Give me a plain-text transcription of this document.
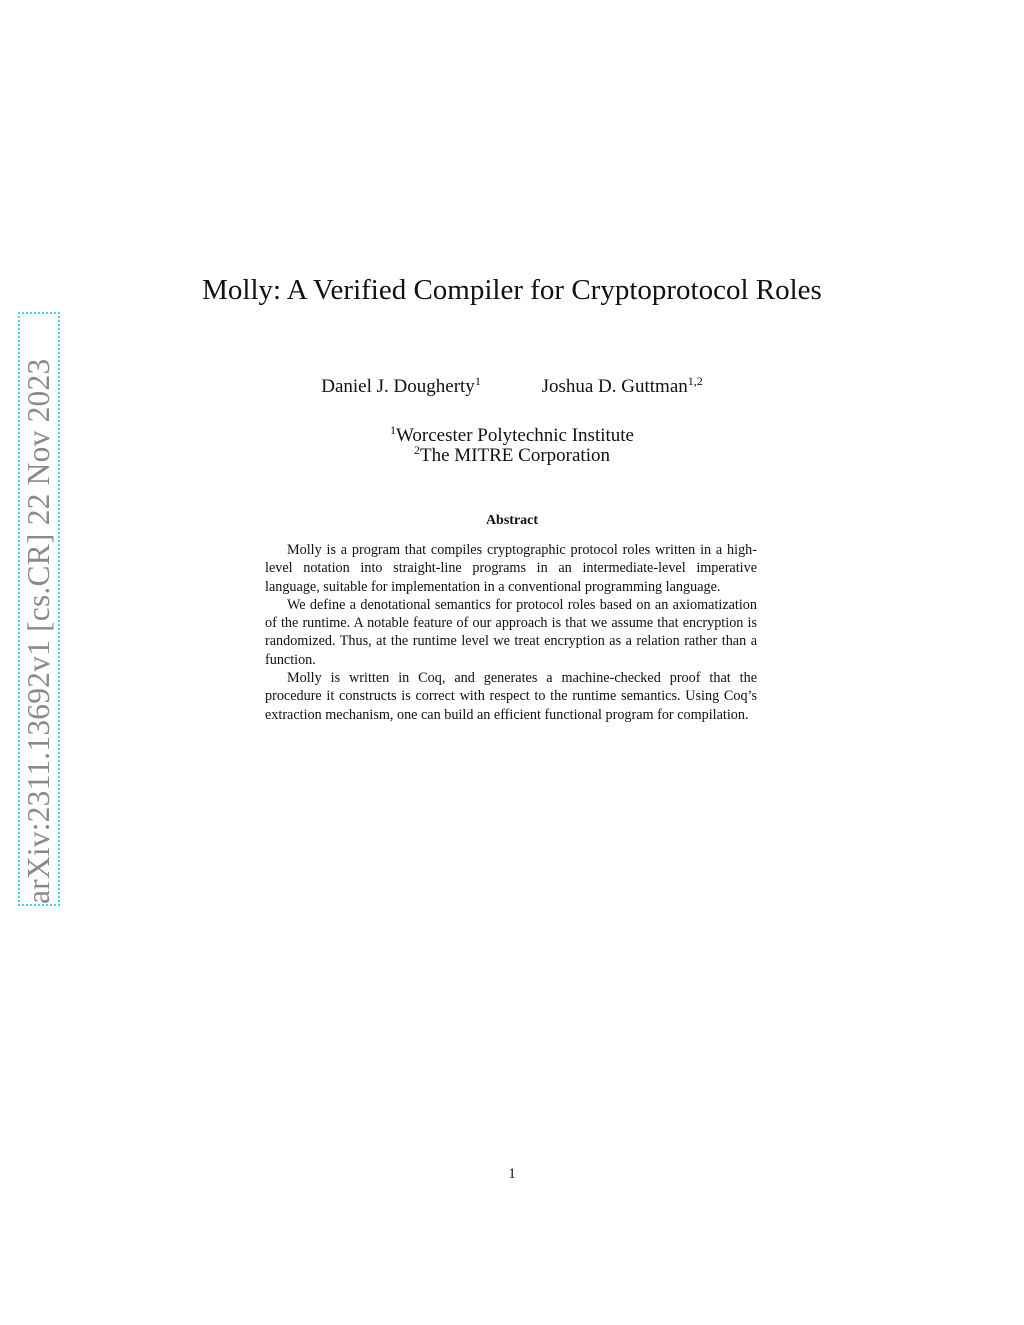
arXiv:2311.13692v1 [cs.CR] 22 Nov 2023
Molly: A Verified Compiler for Cryptoprotocol Roles
Daniel J. Dougherty$^1$	Joshua D. Guttman$^{1,2}$
$^1$Worcester Polytechnic Institute
$^2$The MITRE Corporation
Abstract

Molly is a program that compiles cryptographic protocol roles written in a high-level notation into straight-line programs in an intermediate-level imperative language, suitable for implementation in a conventional programming language.

We define a denotational semantics for protocol roles based on an axiomatization of the runtime. A notable feature of our approach is that we assume that encryption is randomized. Thus, at the runtime level we treat encryption as a relation rather than a function.

Molly is written in Coq, and generates a machine-checked proof that the procedure it constructs is correct with respect to the runtime semantics. Using Coq’s extraction mechanism, one can build an efficient functional program for compilation.

1
